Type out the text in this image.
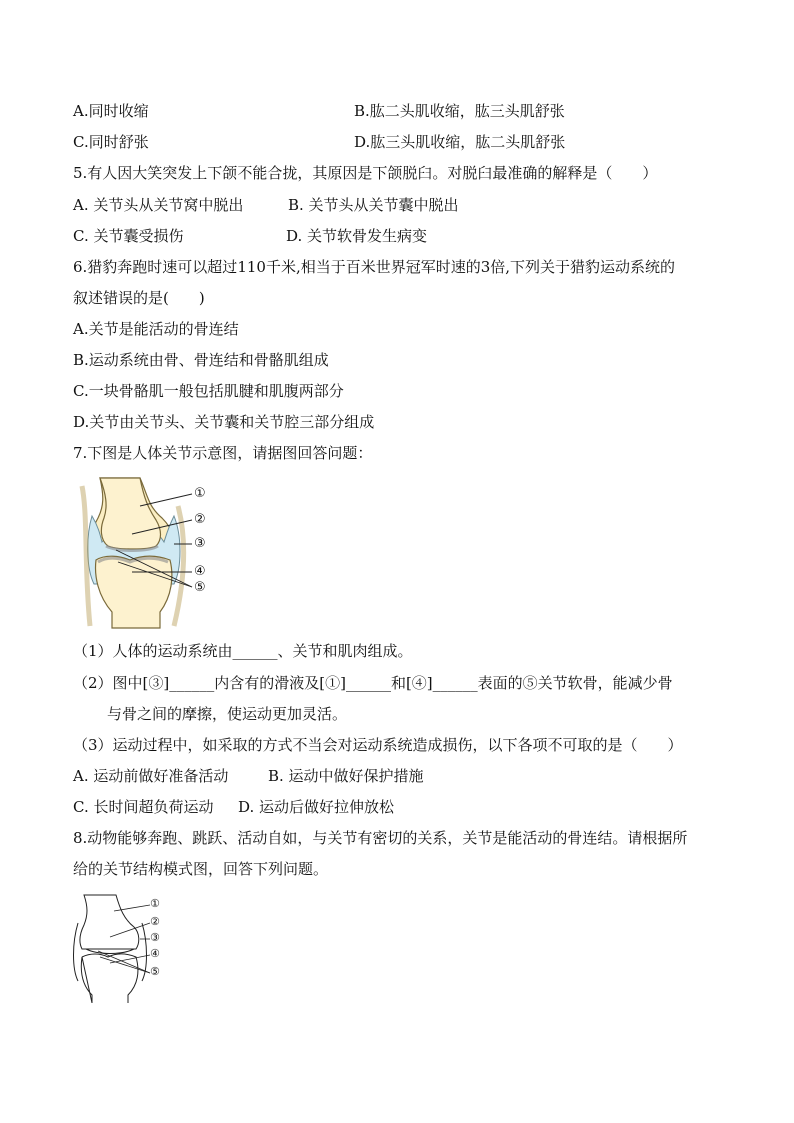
A.同时收缩	B.肱二头肌收缩，肱三头肌舒张
C.同时舒张	D.肱三头肌收缩，肱二头肌舒张
5.有人因大笑突发上下颌不能合拢，其原因是下颌脱臼。对脱臼最准确的解释是（　　）
A. 关节头从关节窝中脱出	B. 关节头从关节囊中脱出
C. 关节囊受损伤	D. 关节软骨发生病变
6.猎豹奔跑时速可以超过110千米,相当于百米世界冠军时速的3倍,下列关于猎豹运动系统的
叙述错误的是(　　)
A.关节是能活动的骨连结
B.运动系统由骨、骨连结和骨骼肌组成
C.一块骨骼肌一般包括肌腱和肌腹两部分
D.关节由关节头、关节囊和关节腔三部分组成
7.下图是人体关节示意图，请据图回答问题：
①
②
③
④
⑤
（1）人体的运动系统由______、关节和肌肉组成。
（2）图中[③]______内含有的滑液及[①]______和[④]______表面的⑤关节软骨，能减少骨
与骨之间的摩擦，使运动更加灵活。
（3）运动过程中，如采取的方式不当会对运动系统造成损伤，以下各项不可取的是（　　）
A. 运动前做好准备活动	B. 运动中做好保护措施
C. 长时间超负荷运动 D. 运动后做好拉伸放松
8.动物能够奔跑、跳跃、活动自如，与关节有密切的关系，关节是能活动的骨连结。请根据所
给的关节结构模式图，回答下列问题。
①
②
③
④
⑤
